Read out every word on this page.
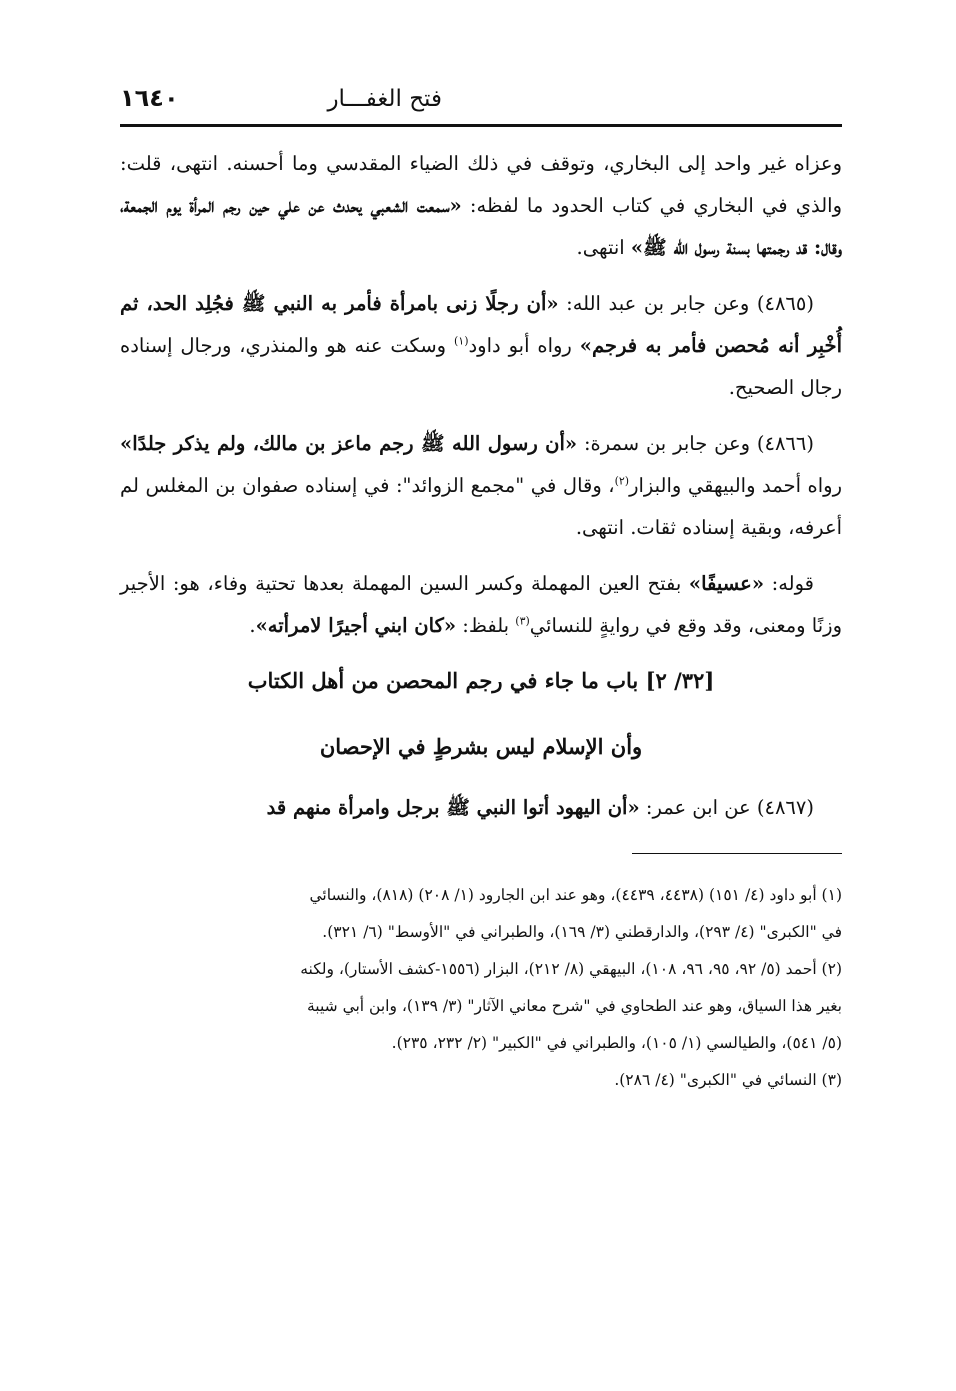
فتح الغفـــار
١٦٤٠

وعزاه غير واحد إلى البخاري، وتوقف في ذلك الضياء المقدسي وما أحسنه. انتهى، قلت: والذي في البخاري في كتاب الحدود ما لفظه: «سمعت الشعبي يحدث عن علي حين رجم المرأة يوم الجمعة، وقال: قد رجمتها بسنة رسول الله ﷺ» انتهى.

(٤٨٦٥) وعن جابر بن عبد الله: «أن رجلًا زنى بامرأة فأمر به النبي ﷺ فجُلِد الحد، ثم أُخْبِر أنه مُحصن فأمر به فرجم» رواه أبو داود$^{(١)}$ وسكت عنه هو والمنذري، ورجال إسناده رجال الصحيح.

(٤٨٦٦) وعن جابر بن سمرة: «أن رسول الله ﷺ رجم ماعز بن مالك، ولم يذكر جلدًا» رواه أحمد والبيهقي والبزار$^{(٢)}$، وقال في "مجمع الزوائد": في إسناده صفوان بن المغلس لم أعرفه، وبقية إسناده ثقات. انتهى.

قوله: «عسيفًا» بفتح العين المهملة وكسر السين المهملة بعدها تحتية وفاء، هو: الأجير وزنًا ومعنى، وقد وقع في روايةٍ للنسائي$^{(٣)}$ بلفظ: «كان ابني أجيرًا لامرأته».

[٣٢/ ٢] باب ما جاء في رجم المحصن من أهل الكتاب
وأن الإسلام ليس بشرطٍ في الإحصان

(٤٨٦٧) عن ابن عمر: «أن اليهود أتوا النبي ﷺ برجل وامرأة منهم قد

(١) أبو داود (٤/ ١٥١) (٤٤٣٨، ٤٤٣٩)، وهو عند ابن الجارود (١/ ٢٠٨) (٨١٨)، والنسائي

في "الكبرى" (٤/ ٢٩٣)، والدارقطني (٣/ ١٦٩)، والطبراني في "الأوسط" (٦/ ٣٢١).

(٢) أحمد (٥/ ٩٢، ٩٥، ٩٦، ١٠٨)، البيهقي (٨/ ٢١٢)، البزار (١٥٥٦-كشف الأستار)، ولكنه

بغير هذا السياق، وهو عند الطحاوي في "شرح معاني الآثار" (٣/ ١٣٩)، وابن أبي شيبة

(٥/ ٥٤١)، والطيالسي (١/ ١٠٥)، والطبراني في "الكبير" (٢/ ٢٣٢، ٢٣٥).

(٣) النسائي في "الكبرى" (٤/ ٢٨٦).
